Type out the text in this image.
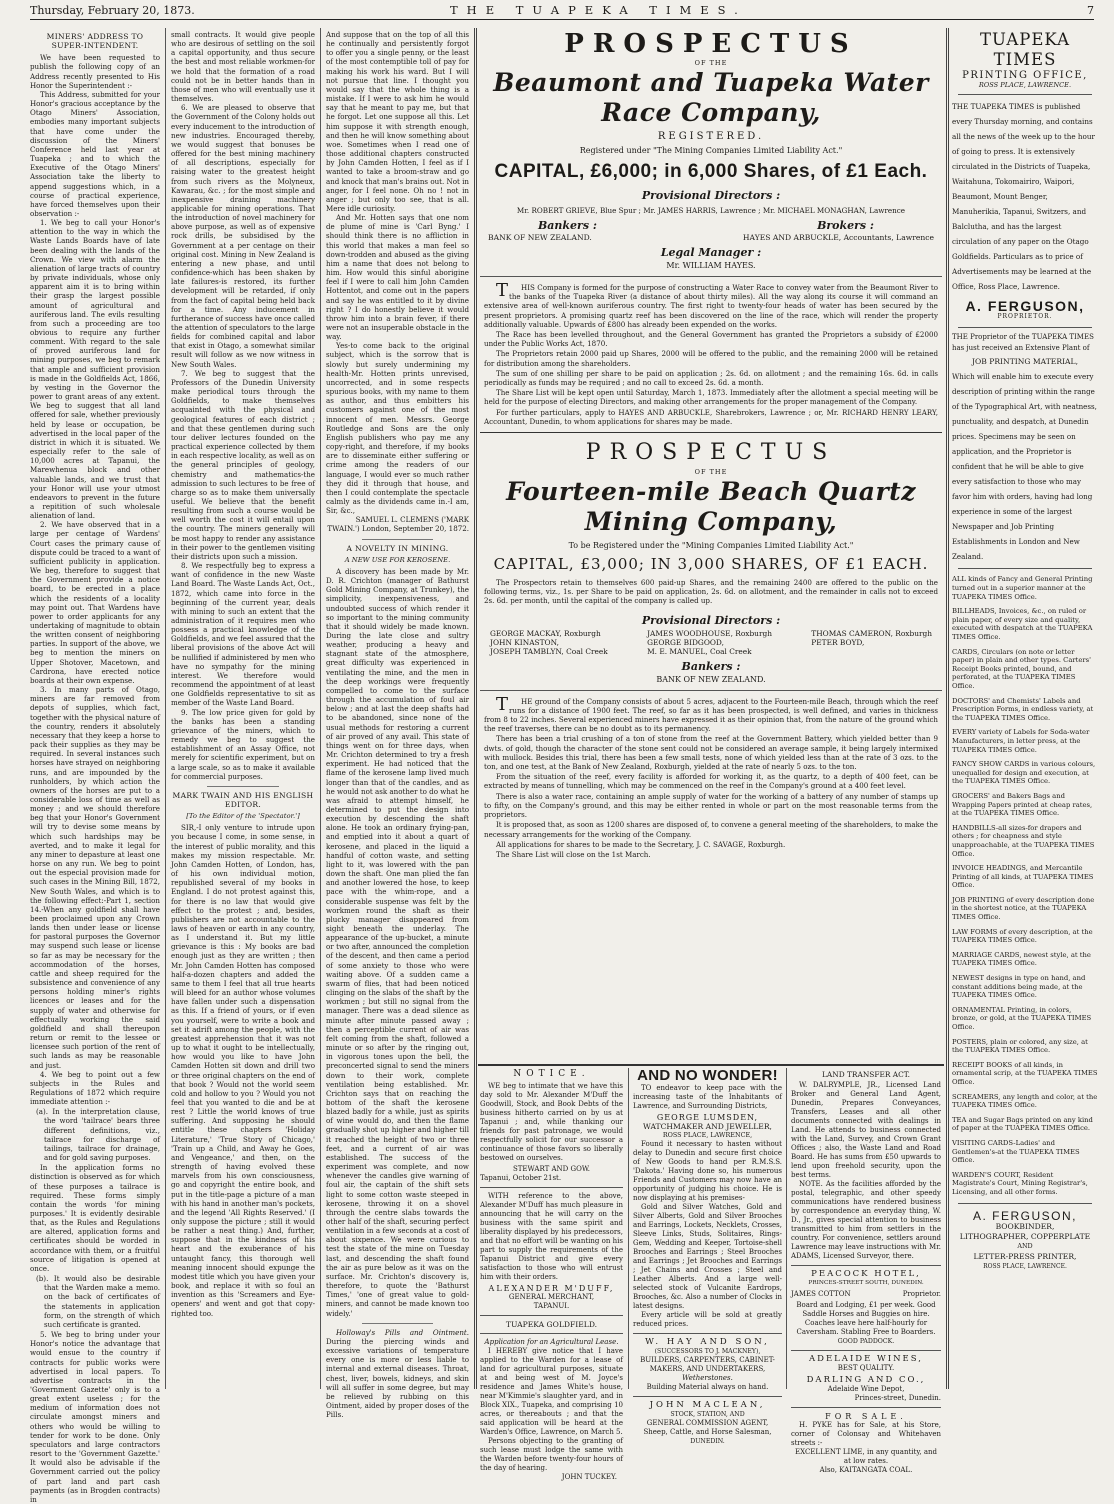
Thursday, February 20, 1873.	THE TUAPEKA TIMES.	7

MINERS' ADDRESS TO SUPER-INTENDENT.

We have been requested to publish the following copy of an Address recently presented to His Honor the Superintendent :-

This Address, submitted for your Honor's gracious acceptance by the Otago Miners' Association, embodies many important subjects that have come under the discussion of the Miners' Conference held last year at Tuapeka ; and to which the Executive of the Otago Miners' Association take the liberty to append suggestions which, in a course of practical experience, have forced themselves upon their observation :-

1. We beg to call your Honor's attention to the way in which the Waste Lands Boards have of late been dealing with the lands of the Crown. We view with alarm the alienation of large tracts of country by private individuals, whose only apparent aim it is to bring within their grasp the largest possible amount of agricultural and auriferous land. The evils resulting from such a proceeding are too obvious to require any further comment. With regard to the sale of proved auriferous land for mining purposes, we beg to remark that ample and sufficient provision is made in the Goldfields Act, 1866, by vesting in the Governor the power to grant areas of any extent. We beg to suggest that all land offered for sale, whether previously held by lease or occupation, be advertised in the local paper of the district in which it is situated. We especially refer to the sale of 10,000 acres at Tapanui, the Marewhenua block and other valuable lands, and we trust that your Honor will use your utmost endeavors to prevent in the future a repitition of such wholesale alienation of land.

2. We have observed that in a large per centage of Wardens' Court cases the primary cause of dispute could be traced to a want of sufficient publicity in application. We beg, therefore to suggest that the Government provide a notice board, to be erected in a place which the residents of a locality may point out. That Wardens have power to order applicants for any undertaking of magnitude to obtain the written consent of neighboring parties. In support of the above, we beg to mention the miners on Upper Shotover, Macetown, and Cardrona, have erected notice boards at their own expense.

3. In many parts of Otago, miners are far removed from depots of supplies, which fact, together with the physical nature of the country, renders it absolutely necessary that they keep a horse to pack their supplies as they may be required. In several instances such horses have strayed on neighboring runs, and are impounded by the runholders, by which action the owners of the horses are put to a considerable loss of time as well as money ; and we should therefore beg that your Honor's Government will try to devise some means by which such hardships may be averted, and to make it legal for any miner to depasture at least one horse on any run. We beg to point out the especial provision made for such cases in the Mining Bill, 1872, New South Wales, and which is to the following effect:-Part 1, section 14.-When any goldfield shall have been proclaimed upon any Crown lands then under lease or license for pastoral purposes the Governor may suspend such lease or license so far as may be necessary for the accommodation of the horses, cattle and sheep required for the subsistence and convenience of any persons holding miner's rights licences or leases and for the supply of water and otherwise for effectually working the said goldfield and shall thereupon return or remit to the lessee or licensee such portion of the rent of such lands as may be reasonable and just.

4. We beg to point out a few subjects in the Rules and Regulations of 1872 which require immediate attention :-

(a). In the interpretation clause, the word 'tailrace' bears three different definitions, viz., tailrace for discharge of tailings, tailrace for drainage, and for gold saving purposes.

In the application forms no distinction is observed as for which of these purposes a tailrace is required. These forms simply contain the words 'for mining purposes.' It is evidently desirable that, as the Rules and Regulations are altered, application forms and certificates should be worded in accordance with them, or a fruitful source of litigation is opened at once.

(b). It would also be desirable that the Warden make a memo. on the back of certificates of the statements in application form, on the strength of which such certificate is granted.

5. We beg to bring under your Honor's notice the advantage that would ensue to the country if contracts for public works were advertised in local papers. To advertise contracts in the 'Government Gazette' only is to a great extent useless ; for the medium of information does not circulate amongst miners and others who would be willing to tender for work to be done. Only speculators and large contractors resort to the 'Government Gazette.' It would also be advisable if the Government carried out the policy of part land and part cash payments (as in Brogden contracts) in

small contracts. It would give people who are desirous of settling on the soil a capital opportunity, and thus secure the best and most reliable workmen-for we hold that the formation of a road could not be in better hands than in those of men who will eventually use it themselves.

6. We are pleased to observe that the Government of the Colony holds out every inducement to the introduction of new industries. Encouraged thereby, we would suggest that bonuses be offered for the best mining machinery of all descriptions, especially for raising water to the greatest height from such rivers as the Molyneux, Kawarau, &c. ; for the most simple and inexpensive draining machinery applicable for mining operations. That the introduction of novel machinery for above purpose, as well as of expensive rock drills, be subsidised by the Government at a per centage on their original cost. Mining in New Zealand is entering a new phase, and until confidence-which has been shaken by late failures-is restored, its further development will be retarded, if only from the fact of capital being held back for a time. Any inducement in furtherance of success have once called the attention of speculators to the large fields for combined capital and labor that exist in Otago, a somewhat similar result will follow as we now witness in New South Wales.

7. We beg to suggest that the Professors of the Dunedin University make periodical tours through the Goldfields, to make themselves acquainted with the physical and geological features of each district ; and that these gentlemen during such tour deliver lectures founded on the practical experience collected by them in each respective locality, as well as on the general principles of geology, chemistry and mathematics-the admission to such lectures to be free of charge so as to make them universally useful. We believe that the benefit resulting from such a course would be well worth the cost it will entail upon the country. The miners generally will be most happy to render any assistance in their power to the gentlemen visiting their districts upon such a mission.

8. We respectfully beg to express a want of confidence in the new Waste Land Board. The Waste Lands Act, Oct., 1872, which came into force in the beginning of the current year, deals with mining to such an extent that the administration of it requires men who possess a practical knowledge of the Goldfields, and we feel assured that the liberal provisions of the above Act will be nullified if administered by men who have no sympathy for the mining interest. We therefore would recommend the appointment of at least one Goldfields representative to sit as member of the Waste Land Board.

9. The low price given for gold by the banks has been a standing grievance of the miners, which to remedy we beg to suggest the establishment of an Assay Office, not merely for scientific experiment, but on a large scale, so as to make it available for commercial purposes.

MARK TWAIN AND HIS ENGLISH EDITOR.

[To the Editor of the 'Spectator.']

SIR,-I only venture to intrude upon you because I come, in some sense, in the interest of public morality, and this makes my mission respectable. Mr. John Camden Hotten, of London, has, of his own individual motion, republished several of my books in England. I do not protest against this, for there is no law that would give effect to the protest ; and, besides, publishers are not accountable to the laws of heaven or earth in any country, as I understand it. But my little grievance is this : My books are bad enough just as they are written ; then Mr. John Camden Hotten has composed half-a-dozen chapters and added the same to them I feel that all true hearts will bleed for an author whose volumes have fallen under such a dispensation as this. If a friend of yours, or if even you yourself, were to write a book and set it adrift among the people, with the greatest apprehension that it was not up to what it ought to be intellectually, how would you like to have John Camden Hotten sit down and drill two or three original chapters on the end of that book ? Would not the world seem cold and hollow to you ? Would you not feel that you wanted to die and be at rest ? Little the world knows of true suffering. And supposing he should entitle these chapters 'Holiday Literature,' 'True Story of Chicago,' 'Train up a Child, and Away he Goes, and Vengeance,' and then, on the strength of having evolved these marvels from his own consciousness, go and copyright the entire book, and put in the title-page a picture of a man with his hand in another man's pockets, and the legend 'All Rights Reserved.' (I only suppose the picture ; still it would be rather a neat thing.) And, further, suppose that in the kindness of his heart and the exuberance of his untaught fancy, this thorough well meaning innocent should expunge the modest title which you have given your book, and replace it with so foul an invention as this 'Screamers and Eye-openers' and went and got that copy-righted too.

And suppose that on the top of all this he continually and persistently forgot to offer you a single penny, or the least of the most contemptible toll of pay for making his work his ward. But I will not pursue that line. I thought you would say that the whole thing is a mistake. If I were to ask him he would say that he meant to pay me, but that he forgot. Let one suppose all this. Let him suppose it with strength enough, and then he will know something about woe. Sometimes when I read one of those additional chapters constructed by John Camden Hotten, I feel as if I wanted to take a broom-straw and go and knock that man's brains out. Not in anger, for I feel none. Oh no ! not in anger ; but only too see, that is all. Mere idle curiosity.

And Mr. Hotten says that one nom de plume of mine is 'Carl Byng.' I should think there is no affliction in this world that makes a man feel so down-trodden and abused as the giving him a name that does not belong to him. How would this sinful aborigine feel if I were to call him John Camden Hottentot, and come out in the papers and say he was entitled to it by divine right ? I do honestly believe it would throw him into a brain fever, if there were not an insuperable obstacle in the way.

Yes-to come back to the original subject, which is the sorrow that is slowly but surely undermining my health-Mr. Hotten prints unrevised, uncorrected, and in some respects spurious books, with my name to them as author, and thus embitters his customers against one of the most innocent of men. Messrs. George Routledge and Sons are the only English publishers who pay me any copy-right, and therefore, if my books are to disseminate either suffering or crime among the readers of our language, I would ever so much rather they did it through that house, and then I could contemplate the spectacle calmly as the dividends came in.-I am, Sir, &c.,

SAMUEL L. CLEMENS ('MARK TWAIN.') London, September 20, 1872.

A NOVELTY IN MINING.

A NEW USE FOR KEROSENE.

A discovery has been made by Mr. D. R. Crichton (manager of Bathurst Gold Mining Company, at Trunkey), the simplicity, inexpensiveness, and undoubted success of which render it so important to the mining community that it should widely be made known. During the late close and sultry weather, producing a heavy and stagnant state of the atmosphere, great difficulty was experienced in ventilating the mine, and the men in the deep workings were frequently compelled to come to the surface through the accumulation of foul air below ; and at last the deep shafts had to be abandoned, since none of the usual methods for restoring a current of air proved of any avail. This state of things went on for three days, when Mr. Crichton determined to try a fresh experiment. He had noticed that the flame of the kerosene lamp lived much longer than that of the candles, and as he would not ask another to do what he was afraid to attempt himself, he determined to put the design into execution by descending the shaft alone. He took an ordinary frying-pan, and emptied into it about a quart of kerosene, and placed in the liquid a handful of cotton waste, and setting light to it, was lowered with the pan down the shaft. One man plied the fan and another lowered the hose, to keep pace with the whim-rope, and a considerable suspense was felt by the workmen round the shaft as their plucky manager disappeared from sight beneath the underlay. The appearance of the up-bucket, a minute or two after, announced the completion of the descent, and then came a period of some anxiety to those who were waiting above. Of a sudden came a swarm of flies, that had been noticed clinging on the slabs of the shaft by the workmen ; but still no signal from the manager. There was a dead silence as minute after minute passed away ; then a perceptible current of air was felt coming from the shaft, followed a minute or so after by the ringing out, in vigorous tones upon the bell, the preconcerted signal to send the miners down to their work, complete ventilation being established. Mr. Crichton says that on reaching the bottom of the shaft the kerosene blazed badly for a while, just as spirits of wine would do, and then the flame gradually shot up higher and higher till it reached the height of two or three feet, and a current of air was established. The success of the experiment was complete, and now whenever the candles give warning of foul air, the captain of the shift sets light to some cotton waste steeped in kerosene, throwing it on a shovel through the centre slabs towards the other half of the shaft, securing perfect ventilation in a few seconds at a cost of about sixpence. We were curious to test the state of the mine on Tuesday last, and descending the shaft found the air as pure below as it was on the surface. Mr. Crichton's discovery is, therefore, to quote the 'Bathurst Times,' 'one of great value to gold-miners, and cannot be made known too widely.'

Holloway's Pills and Ointment. During the piercing winds and excessive variations of temperature every one is more or less liable to internal and external diseases. Throat, chest, liver, bowels, kidneys, and skin will all suffer in some degree, but may be relieved by rubbing on this Ointment, aided by proper doses of the Pills.

PROSPECTUS
OF THE
Beaumont and Tuapeka Water Race Company,
REGISTERED.
Registered under "The Mining Companies Limited Liability Act."
CAPITAL, £6,000; in 6,000 Shares, of £1 Each.
Provisional Directors :
Mr. ROBERT GRIEVE, Blue Spur ; Mr. JAMES HARRIS, Lawrence ; Mr. MICHAEL MONAGHAN, Lawrence
Bankers :	Brokers :
BANK OF NEW ZEALAND.	HAYES AND ARBUCKLE, Accountants, Lawrence
Legal Manager :
Mr. WILLIAM HAYES.

THIS Company is formed for the purpose of constructing a Water Race to convey water from the Beaumont River to the banks of the Tuapeka River (a distance of about thirty miles). All the way along its course it will command an extensive area of well-known auriferous country. The first right to twenty-four heads of water has been secured by the present proprietors. A promising quartz reef has been discovered on the line of the race, which will render the property additionally valuable. Upwards of £800 has already been expended on the works.

The Race has been levelled throughout, and the General Government has granted the Proprietors a subsidy of £2000 under the Public Works Act, 1870.

The Proprietors retain 2000 paid up Shares, 2000 will be offered to the public, and the remaining 2000 will be retained for distribution among the shareholders.

The sum of one shilling per share to be paid on application ; 2s. 6d. on allotment ; and the remaining 16s. 6d. in calls periodically as funds may be required ; and no call to exceed 2s. 6d. a month.

The Share List will be kept open until Saturday, March 1, 1873. Immediately after the allotment a special meeting will be held for the purpose of electing Directors, and making other arrangements for the proper management of the Company.

For further particulars, apply to HAYES AND ARBUCKLE, Sharebrokers, Lawrence ; or, Mr. RICHARD HENRY LEARY, Accountant, Dunedin, to whom applications for shares may be made.

PROSPECTUS
OF THE
Fourteen-mile Beach Quartz Mining Company,
To be Registered under the "Mining Companies Limited Liability Act."
CAPITAL, £3,000; IN 3,000 SHARES, OF £1 EACH.

The Prospectors retain to themselves 600 paid-up Shares, and the remaining 2400 are offered to the public on the following terms, viz., 1s. per Share to be paid on application, 2s. 6d. on allotment, and the remainder in calls not to exceed 2s. 6d. per month, until the capital of the company is called up.

Provisional Directors :
GEORGE MACKAY, Roxburgh
JOHN KINASTON,
JOSEPH TAMBLYN, Coal Creek
JAMES WOODHOUSE, Roxburgh
GEORGE BIDGOOD,
M. E. MANUEL, Coal Creek
THOMAS CAMERON, Roxburgh
PETER BOYD,
Bankers :
BANK OF NEW ZEALAND.

THE ground of the Company consists of about 5 acres, adjacent to the Fourteen-mile Beach, through which the reef runs for a distance of 1900 feet. The reef, so far as it has been prospected, is well defined, and varies in thickness from 8 to 22 inches. Several experienced miners have expressed it as their opinion that, from the nature of the ground which the reef traverses, there can be no doubt as to its permanency.

There has been a trial crushing of a ton of stone from the reef at the Government Battery, which yielded better than 9 dwts. of gold, though the character of the stone sent could not be considered an average sample, it being largely intermixed with mullock. Besides this trial, there has been a few small tests, none of which yielded less than at the rate of 3 ozs. to the ton, and one test, at the Bank of New Zealand, Roxburgh, yielded at the rate of nearly 5 ozs. to the ton.

From the situation of the reef, every facility is afforded for working it, as the quartz, to a depth of 400 feet, can be extracted by means of tunnelling, which may be commenced on the reef in the Company's ground at a 400 feet level.

There is also a water race, containing an ample supply of water for the working of a battery of any number of stamps up to fifty, on the Company's ground, and this may be either rented in whole or part on the most reasonable terms from the proprietors.

It is proposed that, as soon as 1200 shares are disposed of, to convene a general meeting of the shareholders, to make the necessary arrangements for the working of the Company.

All applications for shares to be made to the Secretary, J. C. SAVAGE, Roxburgh.

The Share List will close on the 1st March.

NOTICE.

WE beg to intimate that we have this day sold to Mr. Alexander M'Duff the Goodwill, Stock, and Book Debts of the business hitherto carried on by us at Tapanui ; and, while thanking our friends for past patronage, we would respectfully solicit for our successor a continuance of those favors so liberally bestowed on ourselves.

STEWART AND GOW.

Tapanui, October 21st.

WITH reference to the above, Alexander M'Duff has much pleasure in announcing that he will carry on the business with the same spirit and liberality displayed by his predecessors, and that no effort will be wanting on his part to supply the requirements of the Tapanui District and give every satisfaction to those who will entrust him with their orders.

ALEXANDER M'DUFF,

GENERAL MERCHANT,

TAPANUI.

TUAPEKA GOLDFIELD.

Application for an Agricultural Lease.

I HEREBY give notice that I have applied to the Warden for a lease of land for agricultural purposes, situate at and being west of M. Joyce's residence and James White's house, near M'Kimmie's slaughter yard, and in Block XIX., Tuapeka, and comprising 10 acres, or thereabouts ; and that the said application will be heard at the Warden's Office, Lawrence, on March 5.

Persons objecting to the granting of such lease must lodge the same with the Warden before twenty-four hours of the day of hearing.

JOHN TUCKEY.

AND NO WONDER!

TO endeavor to keep pace with the increasing taste of the Inhabitants of Lawrence, and Surrounding Districts,

GEORGE LUMSDEN,

WATCHMAKER AND JEWELLER,

ROSS PLACE, LAWRENCE,

Found it necessary to hasten without delay to Dunedin and secure first choice of New Goods to hand per R.M.S.S. 'Dakota.' Having done so, his numerous Friends and Customers may now have an opportunity of judging his choice. He is now displaying at his premises-

Gold and Silver Watches, Gold and Silver Alberts, Gold and Silver Brooches and Earrings, Lockets, Necklets, Crosses, Sleeve Links, Studs, Solitaires, Rings-Gem, Wedding and Keeper, Tortoise-shell Brooches and Earrings ; Steel Brooches and Earrings ; Jet Brooches and Earrings ; Jet Chains and Crosses ; Steel and Leather Alberts. And a large well-selected stock of Vulcanite Eardrops, Brooches, &c. Also a number of Clocks in latest designs.

Every article will be sold at greatly reduced prices.

W. HAY AND SON,

(SUCCESSORS TO J. MACKNEY),

BUILDERS, CARPENTERS, CABINET-MAKERS, AND UNDERTAKERS,

Wetherstones.

Building Material always on hand.

JOHN MACLEAN,

STOCK, STATION, AND

GENERAL COMMISSION AGENT,

Sheep, Cattle, and Horse Salesman,

DUNEDIN.

LAND TRANSFER ACT.

W. DALRYMPLE, JR., Licensed Land Broker and General Land Agent, Dunedin, Prepares Conveyances, Transfers, Leases and all other documents connected with dealings in Land. He attends to business connected with the Land, Survey, and Crown Grant Offices ; also, the Waste Land and Road Board. He has sums from £50 upwards to lend upon freehold security, upon the best terms.

NOTE. As the facilities afforded by the postal, telegraphic, and other speedy communications have rendered business by correspondence an everyday thing, W. D., Jr., gives special attention to business transmitted to him from settlers in the country. For convenience, settlers around Lawrence may leave instructions with Mr. ADAMS, Licensed Surveyor, there.

PEACOCK HOTEL,

PRINCES-STREET SOUTH, DUNEDIN.

JAMES COTTON	Proprietor.

Board and Lodging, £1 per week. Good Saddle Horses and Buggies on hire. Coaches leave here half-hourly for Caversham. Stabling Free to Boarders.

GOOD PADDOCK.

ADELAIDE WINES,

BEST QUALITY.

DARLING AND CO.,

Adelaide Wine Depot,

Princes-street, Dunedin.

FOR SALE.

H. PYKE has for Sale, at his Store, corner of Colonsay and Whitehaven streets :-

EXCELLENT LIME, in any quantity, and at low rates.

Also, KAITANGATA COAL.

TUAPEKA TIMES
PRINTING OFFICE,
ROSS PLACE, LAWRENCE.

THE TUAPEKA TIMES is published every Thursday morning, and contains all the news of the week up to the hour of going to press. It is extensively circulated in the Districts of Tuapeka, Waitahuna, Tokomairiro, Waipori, Beaumont, Mount Benger, Manuherikia, Tapanui, Switzers, and Balclutha, and has the largest circulation of any paper on the Otago Goldfields. Particulars as to price of Advertisements may be learned at the Office, Ross Place, Lawrence.

A. FERGUSON,
PROPRIETOR.

THE Proprietor of the TUAPEKA TIMES has just received an Extensive Plant of

JOB PRINTING MATERIAL,

Which will enable him to execute every description of printing within the range of the Typographical Art, with neatness, punctuality, and despatch, at Dunedin prices. Specimens may be seen on application, and the Proprietor is confident that he will be able to give every satisfaction to those who may favor him with orders, having had long experience in some of the largest Newspaper and Job Printing Establishments in London and New Zealand.

ALL kinds of Fancy and General Printing turned out in a superior manner at the TUAPEKA TIMES Office.

BILLHEADS, Invoices, &c., on ruled or plain paper, of every size and quality, executed with despatch at the TUAPEKA TIMES Office.

CARDS, Circulars (on note or letter paper) in plain and other types. Carters' Receipt Books printed, bound, and perforated, at the TUAPEKA TIMES Office.

DOCTORS' and Chemists' Labels and Prescription Forms, in endless variety, at the TUAPEKA TIMES Office.

EVERY variety of Labels for Soda-water Manufacturers, in letter press, at the TUAPEKA TIMES Office.

FANCY SHOW CARDS in various colours, unequalled for design and execution, at the TUAPEKA TIMES Office.

GROCERS' and Bakers Bags and Wrapping Papers printed at cheap rates, at the TUAPEKA TIMES Office.

HANDBILLS-all sizes-for drapers and others ; for cheapness and style unapproachable, at the TUAPEKA TIMES Office.

INVOICE HEADINGS, and Mercantile Printing of all kinds, at TUAPEKA TIMES Office.

JOB PRINTING of every description done in the shortest notice, at the TUAPEKA TIMES Office.

LAW FORMS of every description, at the TUAPEKA TIMES Office.

MARRIAGE CARDS, newest style, at the TUAPEKA TIMES Office.

NEWEST designs in type on hand, and constant additions being made, at the TUAPEKA TIMES Office.

ORNAMENTAL Printing, in colors, bronze, or gold, at the TUAPEKA TIMES Office.

POSTERS, plain or colored, any size, at the TUAPEKA TIMES Office.

RECEIPT BOOKS of all kinds, in ornamental scrip, at the TUAPEKA TIMES Office.

SCREAMERS, any length and color, at the TUAPEKA TIMES Office.

TEA and Sugar Bags printed on any kind of paper at the TUAPEKA TIMES Office.

VISITING CARDS-Ladies' and Gentlemen's-at the TUAPEKA TIMES Office.

WARDEN'S COURT, Resident Magistrate's Court, Mining Registrar's, Licensing, and all other forms.

A. FERGUSON,

BOOKBINDER,

LITHOGRAPHER, COPPERPLATE

AND

LETTER-PRESS PRINTER,

ROSS PLACE, LAWRENCE.
